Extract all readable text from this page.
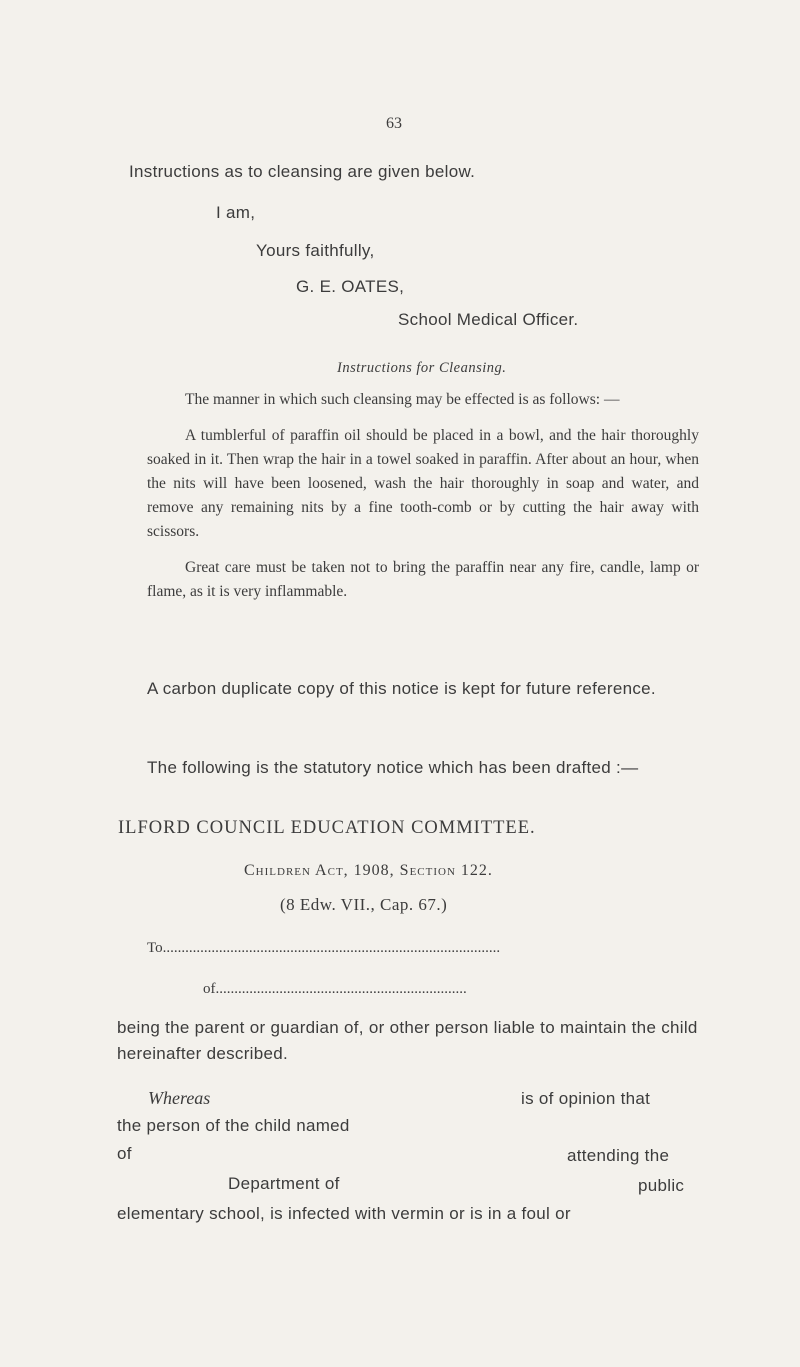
63
Instructions as to cleansing are given below.
I am,
Yours faithfully,
G. E. OATES,
School Medical Officer.
Instructions for Cleansing.

The manner in which such cleansing may be effected is as follows: —

A tumblerful of paraffin oil should be placed in a bowl, and the hair thoroughly soaked in it. Then wrap the hair in a towel soaked in paraffin. After about an hour, when the nits will have been loosened, wash the hair thoroughly in soap and water, and remove any remaining nits by a fine tooth-comb or by cutting the hair away with scissors.

Great care must be taken not to bring the paraffin near any fire, candle, lamp or flame, as it is very inflammable.

A carbon duplicate copy of this notice is kept for future reference.

The following is the statutory notice which has been drafted :—

ILFORD COUNCIL EDUCATION COMMITTEE.
Children Act, 1908, Section 122.
(8 Edw. VII., Cap. 67.)
To..........................................................................................
of...................................................................

being the parent or guardian of, or other person liable to maintain the child hereinafter described.

Whereas	is of opinion that
the person of the child named
of	attending the
Department of	public
elementary school, is infected with vermin or is in a foul or
